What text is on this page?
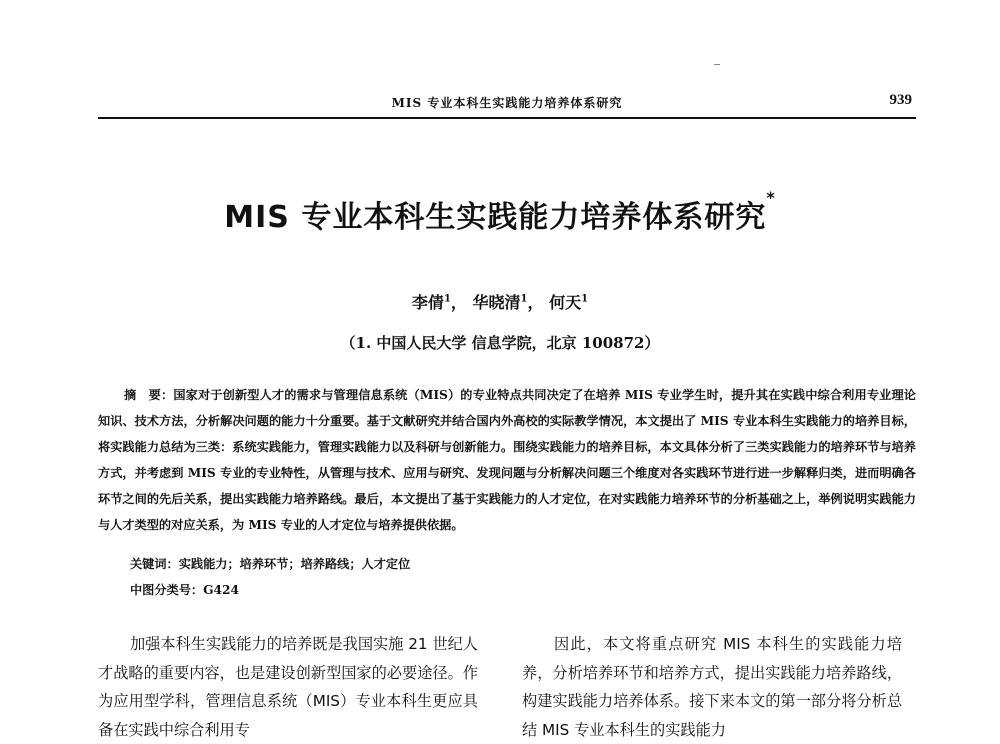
MIS 专业本科生实践能力培养体系研究	939
MIS 专业本科生实践能力培养体系研究*
李倩$^1$， 华晓清$^1$， 何天$^1$
（1. 中国人民大学 信息学院，北京 100872）
摘　要：国家对于创新型人才的需求与管理信息系统（MIS）的专业特点共同决定了在培养 MIS 专业学生时，提升其在实践中综合利用专业理论知识、技术方法，分析解决问题的能力十分重要。基于文献研究并结合国内外高校的实际教学情况，本文提出了 MIS 专业本科生实践能力的培养目标，将实践能力总结为三类：系统实践能力，管理实践能力以及科研与创新能力。围绕实践能力的培养目标，本文具体分析了三类实践能力的培养环节与培养方式，并考虑到 MIS 专业的专业特性，从管理与技术、应用与研究、发现问题与分析解决问题三个维度对各实践环节进行进一步解释归类，进而明确各环节之间的先后关系，提出实践能力培养路线。最后，本文提出了基于实践能力的人才定位，在对实践能力培养环节的分析基础之上，举例说明实践能力与人才类型的对应关系，为 MIS 专业的人才定位与培养提供依据。
关键词：实践能力；培养环节；培养路线；人才定位
中图分类号：G424
加强本科生实践能力的培养既是我国实施 21 世纪人才战略的重要内容，也是建设创新型国家的必要途径。作为应用型学科，管理信息系统（MIS）专业本科生更应具备在实践中综合利用专
因此，本文将重点研究 MIS 本科生的实践能力培养，分析培养环节和培养方式，提出实践能力培养路线，构建实践能力培养体系。接下来本文的第一部分将分析总结 MIS 专业本科生的实践能力
